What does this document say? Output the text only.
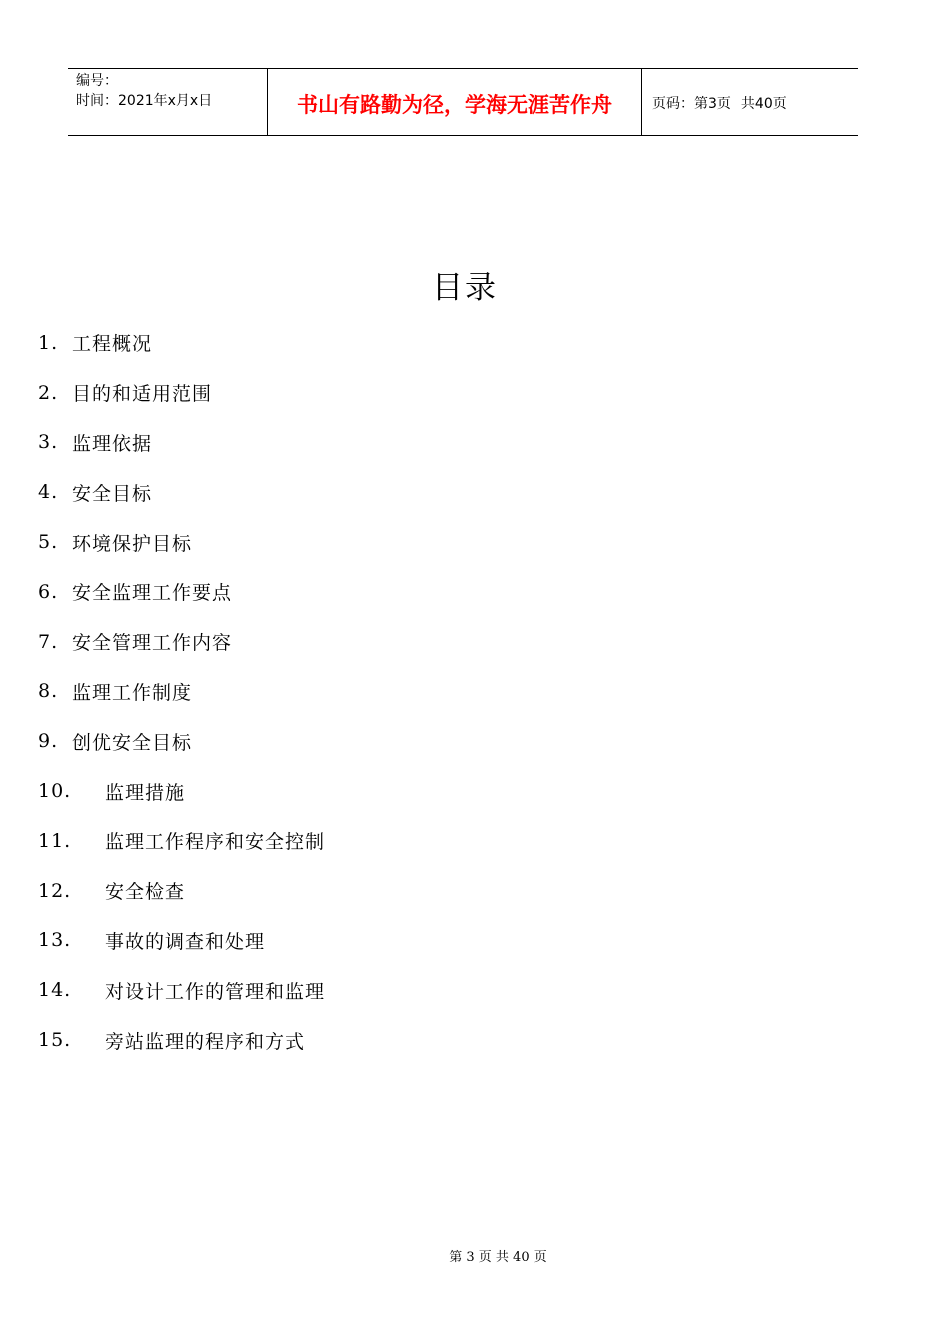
编号：
时间：2021年x月x日	书山有路勤为径，学海无涯苦作舟	页码：第3页 共40页
目录
1. 工程概况
2. 目的和适用范围
3. 监理依据
4. 安全目标
5. 环境保护目标
6. 安全监理工作要点
7. 安全管理工作内容
8. 监理工作制度
9. 创优安全目标
10.	监理措施
11.	监理工作程序和安全控制
12.	安全检查
13.	事故的调查和处理
14.	对设计工作的管理和监理
15.	旁站监理的程序和方式
第 3 页 共 40 页
